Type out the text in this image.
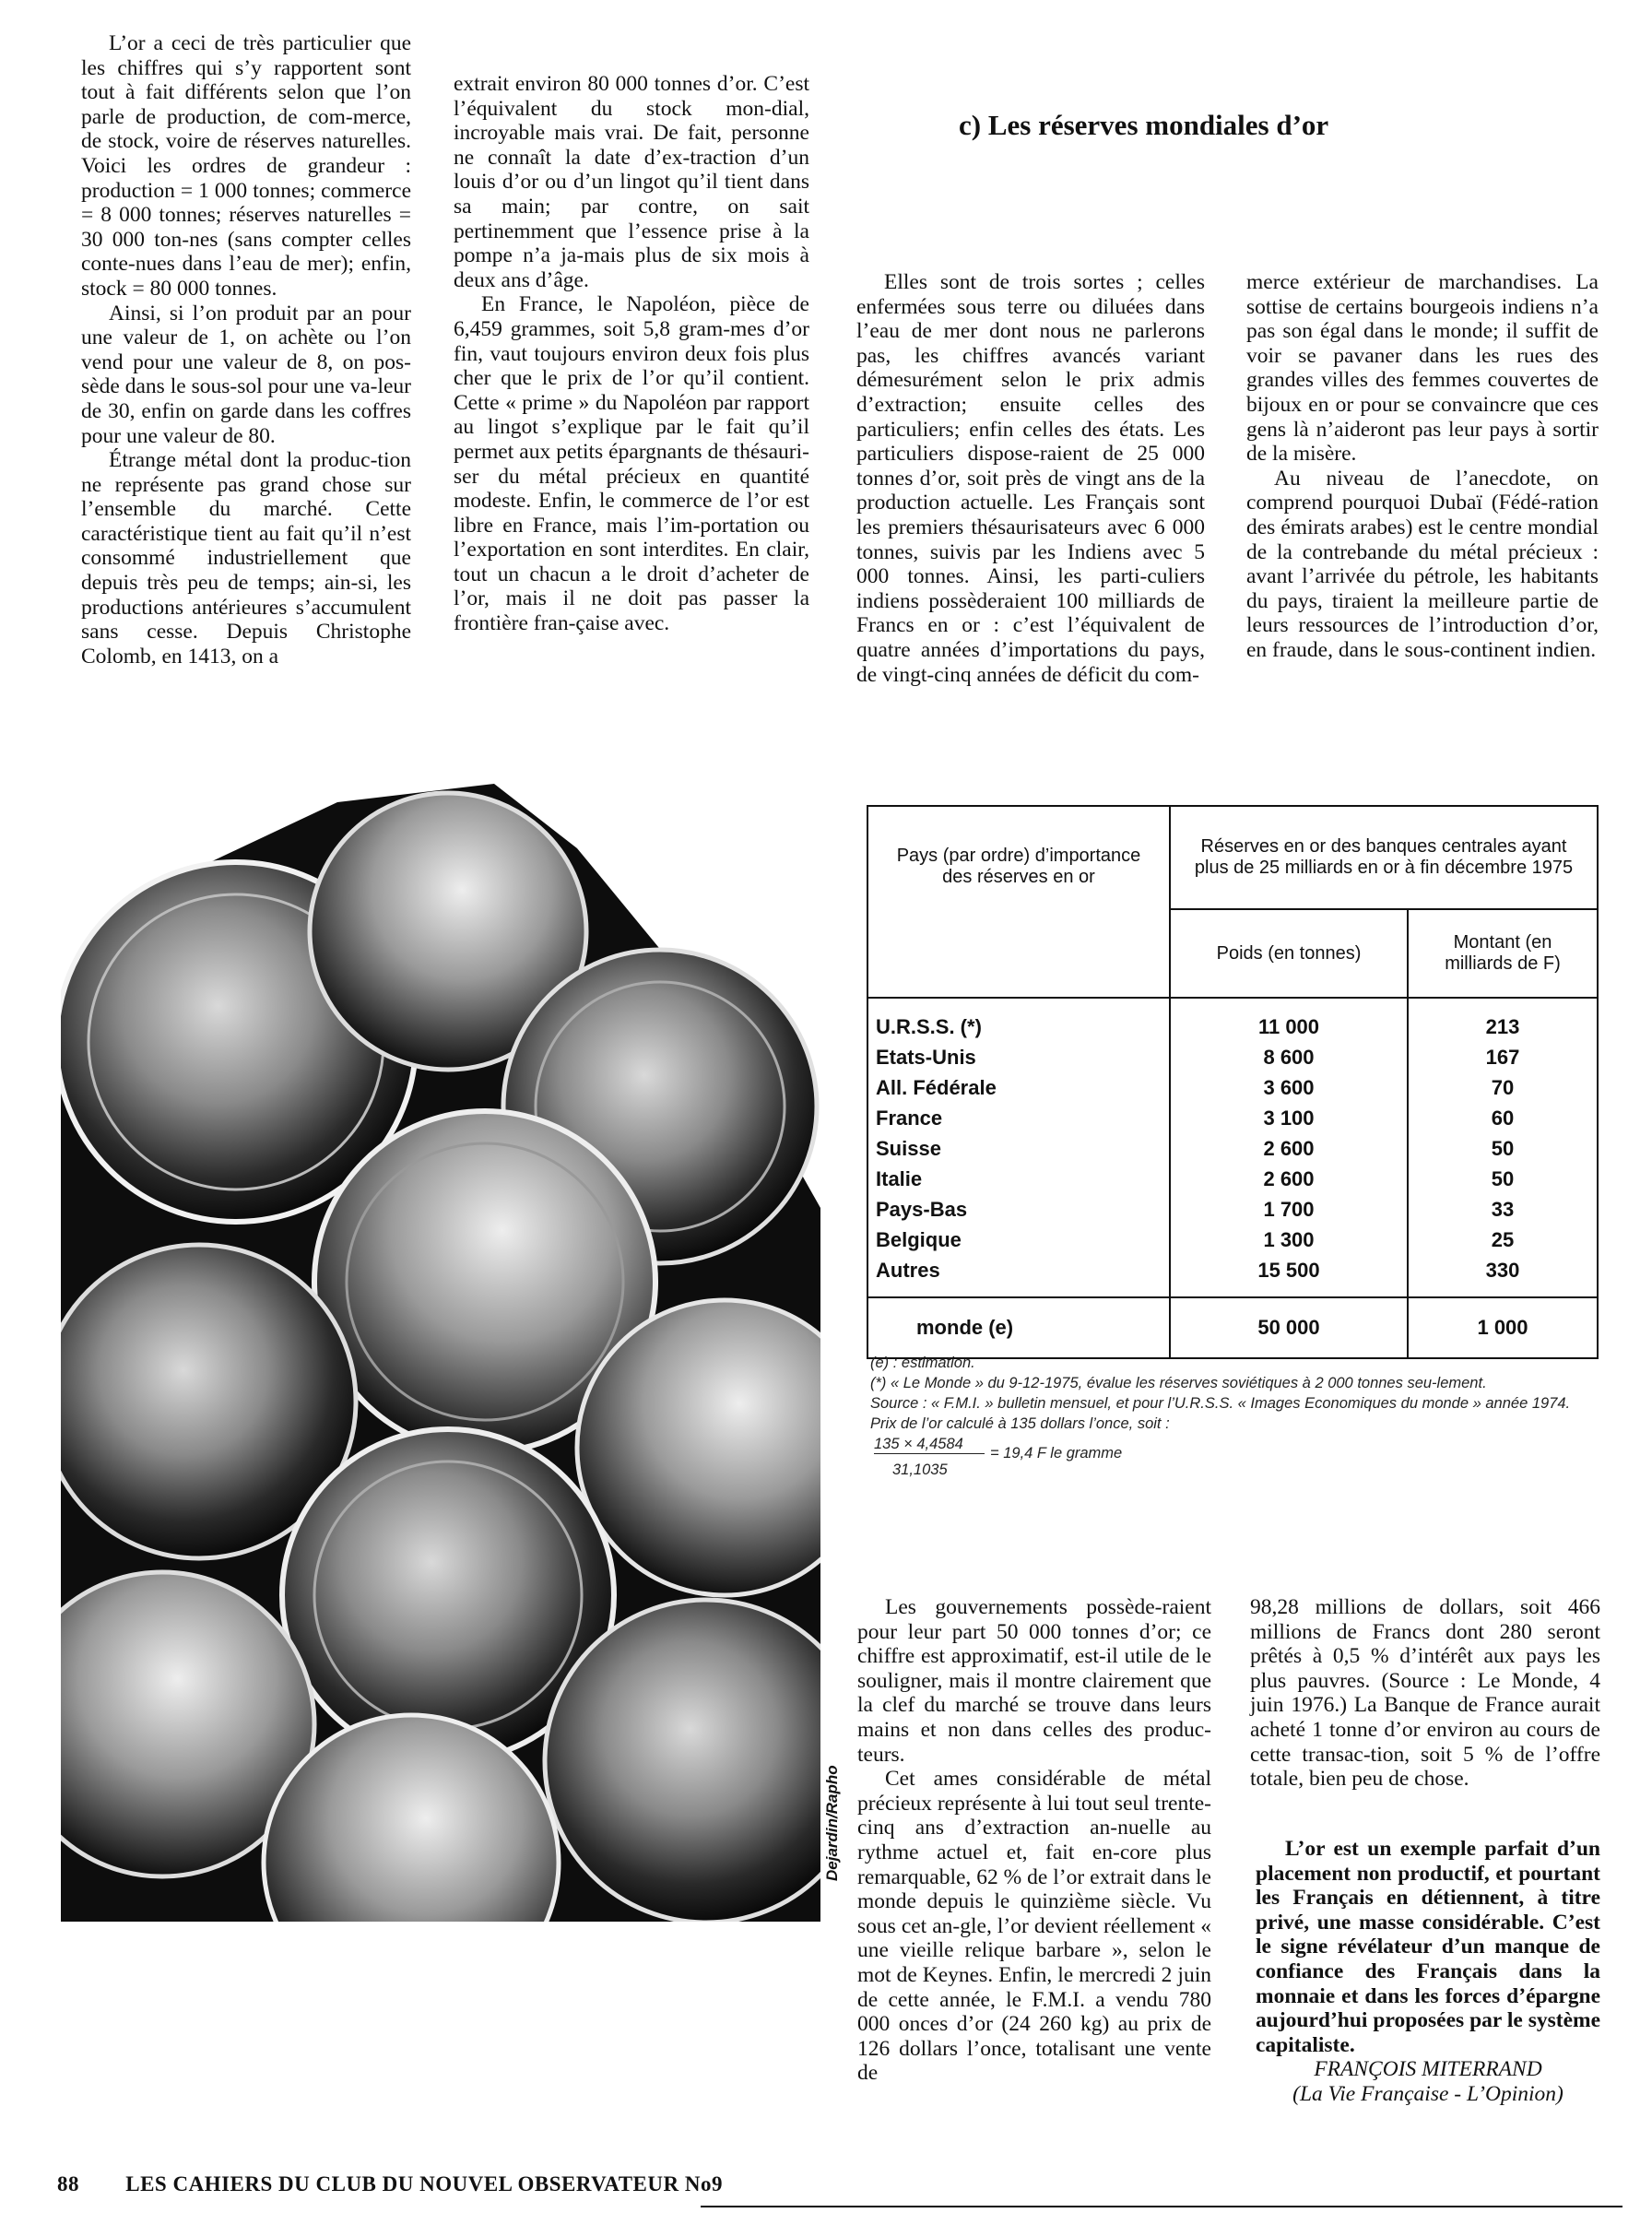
L’or a ceci de très particulier que les chiffres qui s’y rapportent sont tout à fait différents selon que l’on parle de production, de com-merce, de stock, voire de réserves naturelles. Voici les ordres de grandeur : production = 1 000 tonnes; commerce = 8 000 tonnes; réserves naturelles = 30 000 ton-nes (sans compter celles conte-nues dans l’eau de mer); enfin, stock = 80 000 tonnes.

Ainsi, si l’on produit par an pour une valeur de 1, on achète ou l’on vend pour une valeur de 8, on pos-sède dans le sous-sol pour une va-leur de 30, enfin on garde dans les coffres pour une valeur de 80.

Étrange métal dont la produc-tion ne représente pas grand chose sur l’ensemble du marché. Cette caractéristique tient au fait qu’il n’est consommé industriellement que depuis très peu de temps; ain-si, les productions antérieures s’accumulent sans cesse. Depuis Christophe Colomb, en 1413, on a

extrait environ 80 000 tonnes d’or. C’est l’équivalent du stock mon-dial, incroyable mais vrai. De fait, personne ne connaît la date d’ex-traction d’un louis d’or ou d’un lingot qu’il tient dans sa main; par contre, on sait pertinemment que l’essence prise à la pompe n’a ja-mais plus de six mois à deux ans d’âge.

En France, le Napoléon, pièce de 6,459 grammes, soit 5,8 gram-mes d’or fin, vaut toujours environ deux fois plus cher que le prix de l’or qu’il contient. Cette « prime » du Napoléon par rapport au lingot s’explique par le fait qu’il permet aux petits épargnants de thésauri-ser du métal précieux en quantité modeste. Enfin, le commerce de l’or est libre en France, mais l’im-portation ou l’exportation en sont interdites. En clair, tout un chacun a le droit d’acheter de l’or, mais il ne doit pas passer la frontière fran-çaise avec.

c) Les réserves mondiales d’or

Elles sont de trois sortes ; celles enfermées sous terre ou diluées dans l’eau de mer dont nous ne parlerons pas, les chiffres avancés variant démesurément selon le prix admis d’extraction; ensuite celles des particuliers; enfin celles des états. Les particuliers dispose-raient de 25 000 tonnes d’or, soit près de vingt ans de la production actuelle. Les Français sont les premiers thésaurisateurs avec 6 000 tonnes, suivis par les Indiens avec 5 000 tonnes. Ainsi, les parti-culiers indiens possèderaient 100 milliards de Francs en or : c’est l’équivalent de quatre années d’importations du pays, de vingt-cinq années de déficit du com-

merce extérieur de marchandises. La sottise de certains bourgeois indiens n’a pas son égal dans le monde; il suffit de voir se pavaner dans les rues des grandes villes des femmes couvertes de bijoux en or pour se convaincre que ces gens là n’aideront pas leur pays à sortir de la misère.

Au niveau de l’anecdote, on comprend pourquoi Dubaï (Fédé-ration des émirats arabes) est le centre mondial de la contrebande du métal précieux : avant l’arrivée du pétrole, les habitants du pays, tiraient la meilleure partie de leurs ressources de l’introduction d’or, en fraude, dans le sous-continent indien.

Dejardin/Rapho
Pays (par ordre) d’importance des réserves en or	Réserves en or des banques centrales ayant plus de 25 milliards en or à fin décembre 1975	
	Poids (en tonnes)	Montant (en milliards de F)

U.R.S.S. (*)	11 000	213
Etats-Unis	8 600	167
All. Fédérale	3 600	70
France	3 100	60
Suisse	2 600	50
Italie	2 600	50
Pays-Bas	1 700	33
Belgique	1 300	25
Autres	15 500	330

monde (e)	50 000	1 000
(e) : estimation.
(*) « Le Monde » du 9-12-1975, évalue les réserves soviétiques à 2 000 tonnes seu-lement.
Source : « F.M.I. » bulletin mensuel, et pour l’U.R.S.S. « Images Economiques du monde » année 1974.
Prix de l’or calculé à 135 dollars l’once, soit :
135 × 4,4584
= 19,4 F le gramme
31,1035

Les gouvernements possède-raient pour leur part 50 000 tonnes d’or; ce chiffre est approximatif, est-il utile de le souligner, mais il montre clairement que la clef du marché se trouve dans leurs mains et non dans celles des produc-teurs.

Cet ames considérable de métal précieux représente à lui tout seul trente-cinq ans d’extraction an-nuelle au rythme actuel et, fait en-core plus remarquable, 62 % de l’or extrait dans le monde depuis le quinzième siècle. Vu sous cet an-gle, l’or devient réellement « une vieille relique barbare », selon le mot de Keynes. Enfin, le mercredi 2 juin de cette année, le F.M.I. a vendu 780 000 onces d’or (24 260 kg) au prix de 126 dollars l’once, totalisant une vente de

98,28 millions de dollars, soit 466 millions de Francs dont 280 seront prêtés à 0,5 % d’intérêt aux pays les plus pauvres. (Source : Le Monde, 4 juin 1976.) La Banque de France aurait acheté 1 tonne d’or environ au cours de cette transac-tion, soit 5 % de l’offre totale, bien peu de chose.

L’or est un exemple parfait d’un placement non productif, et pourtant les Français en détiennent, à titre privé, une masse considérable. C’est le signe révélateur d’un manque de confiance des Français dans la monnaie et dans les forces d’épargne aujourd’hui proposées par le système capitaliste.

FRANÇOIS MITERRAND
(La Vie Française - L’Opinion)
88 LES CAHIERS DU CLUB DU NOUVEL OBSERVATEUR No9
